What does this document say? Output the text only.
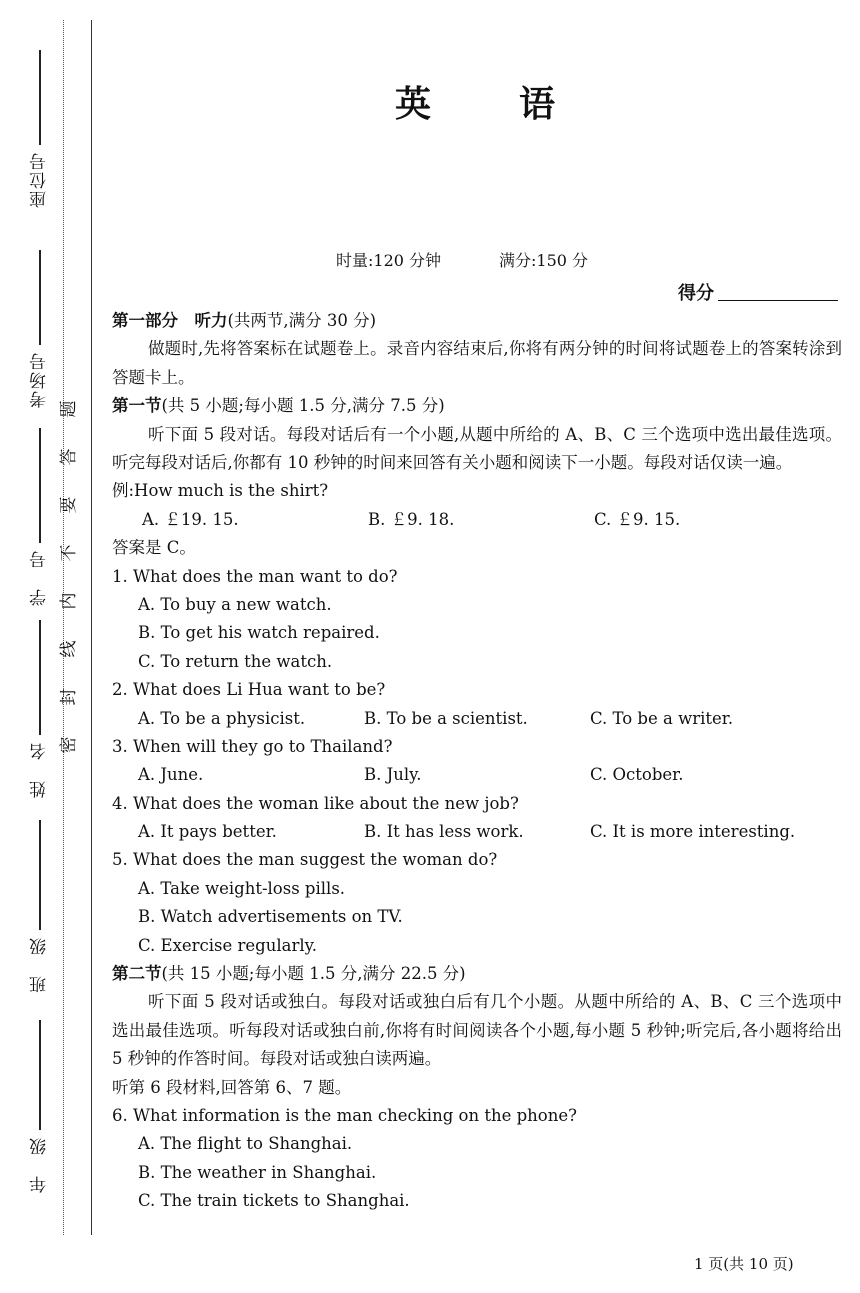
座位号
考场号
学　号
姓　名
班　级
年　级
题
答
要
不
内
线
封
密
英 语
时量:120 分钟	满分:150 分
得分
第一部分　听力(共两节,满分 30 分)
做题时,先将答案标在试题卷上。录音内容结束后,你将有两分钟的时间将试题卷上的答案转涂到答题卡上。
第一节(共 5 小题;每小题 1.5 分,满分 7.5 分)
听下面 5 段对话。每段对话后有一个小题,从题中所给的 A、B、C 三个选项中选出最佳选项。听完每段对话后,你都有 10 秒钟的时间来回答有关小题和阅读下一小题。每段对话仅读一遍。
例:How much is the shirt?
A. ￡19. 15.	B. ￡9. 18.	C. ￡9. 15.
答案是 C。
1. What does the man want to do?
A. To buy a new watch.
B. To get his watch repaired.
C. To return the watch.
2. What does Li Hua want to be?
A. To be a physicist.	B. To be a scientist.	C. To be a writer.
3. When will they go to Thailand?
A. June.	B. July.	C. October.
4. What does the woman like about the new job?
A. It pays better.	B. It has less work.	C. It is more interesting.
5. What does the man suggest the woman do?
A. Take weight-loss pills.
B. Watch advertisements on TV.
C. Exercise regularly.
第二节(共 15 小题;每小题 1.5 分,满分 22.5 分)
听下面 5 段对话或独白。每段对话或独白后有几个小题。从题中所给的 A、B、C 三个选项中选出最佳选项。听每段对话或独白前,你将有时间阅读各个小题,每小题 5 秒钟;听完后,各小题将给出 5 秒钟的作答时间。每段对话或独白读两遍。
听第 6 段材料,回答第 6、7 题。
6. What information is the man checking on the phone?
A. The flight to Shanghai.
B. The weather in Shanghai.
C. The train tickets to Shanghai.
1 页(共 10 页)
